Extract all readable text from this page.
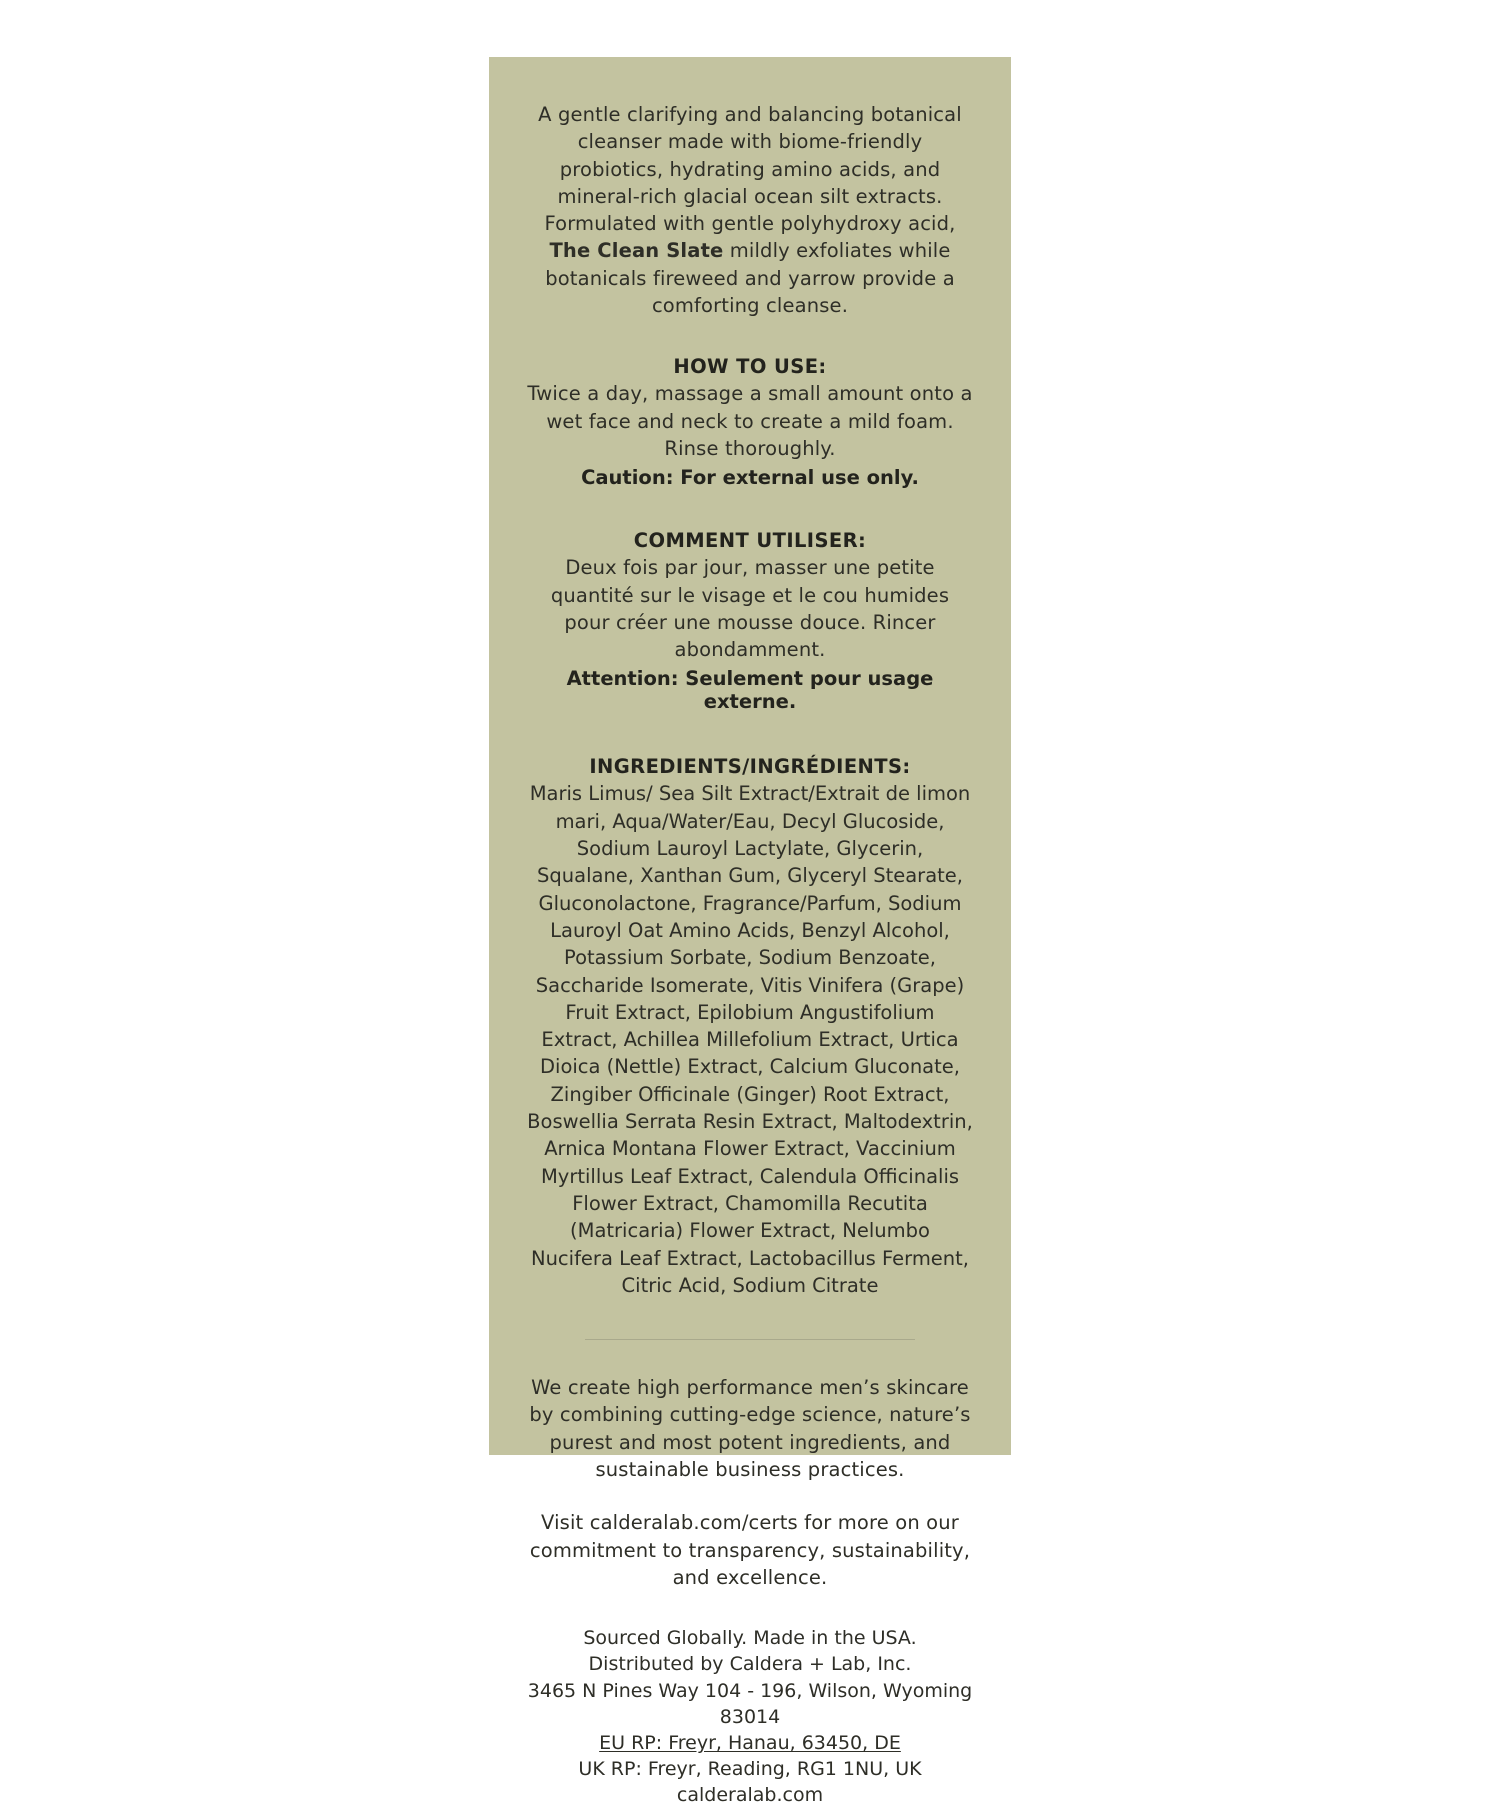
A gentle clarifying and balancing botanical cleanser made with biome-friendly probiotics, hydrating amino acids, and mineral-rich glacial ocean silt extracts. Formulated with gentle polyhydroxy acid, The Clean Slate mildly exfoliates while botanicals fireweed and yarrow provide a comforting cleanse.
HOW TO USE:
Twice a day, massage a small amount onto a wet face and neck to create a mild foam. Rinse thoroughly.
Caution: For external use only.
COMMENT UTILISER:
Deux fois par jour, masser une petite quantité sur le visage et le cou humides pour créer une mousse douce. Rincer abondamment.
Attention: Seulement pour usage externe.
INGREDIENTS/INGRÉDIENTS:
Maris Limus/ Sea Silt Extract/Extrait de limon mari, Aqua/Water/Eau, Decyl Glucoside, Sodium Lauroyl Lactylate, Glycerin, Squalane, Xanthan Gum, Glyceryl Stearate, Gluconolactone, Fragrance/Parfum, Sodium Lauroyl Oat Amino Acids, Benzyl Alcohol, Potassium Sorbate, Sodium Benzoate, Saccharide Isomerate, Vitis Vinifera (Grape) Fruit Extract, Epilobium Angustifolium Extract, Achillea Millefolium Extract, Urtica Dioica (Nettle) Extract, Calcium Gluconate, Zingiber Officinale (Ginger) Root Extract, Boswellia Serrata Resin Extract, Maltodextrin, Arnica Montana Flower Extract, Vaccinium Myrtillus Leaf Extract, Calendula Officinalis Flower Extract, Chamomilla Recutita (Matricaria) Flower Extract, Nelumbo Nucifera Leaf Extract, Lactobacillus Ferment, Citric Acid, Sodium Citrate
We create high performance men’s skincare by combining cutting-edge science, nature’s purest and most potent ingredients, and sustainable business practices.
Visit calderalab.com/certs for more on our commitment to transparency, sustainability, and excellence.
Sourced Globally. Made in the USA.
Distributed by Caldera + Lab, Inc.
3465 N Pines Way 104 - 196, Wilson, Wyoming 83014
EU RP: Freyr, Hanau, 63450, DE
UK RP: Freyr, Reading, RG1 1NU, UK
calderalab.com
